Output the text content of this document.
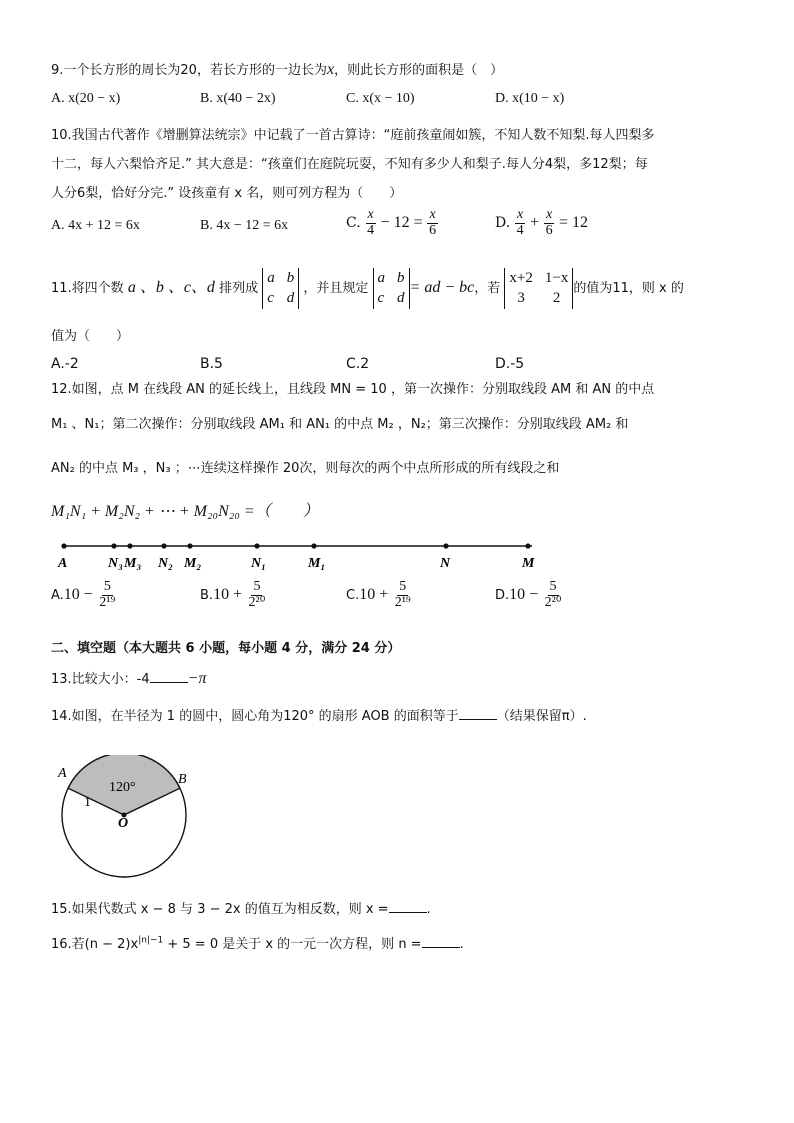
9.一个长方形的周长为20，若长方形的一边长为x，则此长方形的面积是（　）
A. x(20 − x)	B. x(40 − 2x)	C. x(x − 10)	D. x(10 − x)
10.我国古代著作《增删算法统宗》中记载了一首古算诗：“庭前孩童闹如簇，不知人数不知梨.每人四梨多
十二，每人六梨恰齐足.” 其大意是：“孩童们在庭院玩耍，不知有多少人和梨子.每人分4梨，多12梨；每
人分6梨，恰好分完.” 设孩童有 x 名，则可列方程为（　　）
A. 4x + 12 = 6x	B. 4x − 12 = 6x	C. $\frac{x}{4} - 12 = \frac{x}{6}$	D. $\frac{x}{4} + \frac{x}{6} = 12$
11.将四个数 a 、b 、c、d 排列成
a b
c d
，并且规定
a b
c d
= ad − bc，若
x+2 1−x
3 2
的值为11，则 x 的
值为（　　）
A.-2	B.5	C.2	D.-5
12.如图，点 M 在线段 AN 的延长线上，且线段 MN = 10 ，第一次操作：分别取线段 AM 和 AN 的中点
M₁ 、N₁；第二次操作：分别取线段 AM₁ 和 AN₁ 的中点 M₂ ，N₂；第三次操作：分别取线段 AM₂ 和
AN₂ 的中点 M₃ ，N₃ ；⋯连续这样操作 20次，则每次的两个中点所形成的所有线段之和
M₁N₁ + M₂N₂ + ⋯ + M₂₀N₂₀ =（　　）
A	N₃ M₃ N₂ M₂	N₁	M₁	N	M
$A.10 - \frac{5}{\text{2¹⁹}}$	$B.10 + \frac{5}{\text{2²⁰}}$	$C.10 + \frac{5}{\text{2¹⁹}}$	$D.10 - \frac{5}{\text{2²⁰}}$
二、填空题（本大题共 6 小题，每小题 4 分，满分 24 分）
13.比较大小：-4 −π
14.如图，在半径为 1 的圆中，圆心角为120° 的扇形 AOB 的面积等于	（结果保留π）.
A	B
O
120°
1
15.如果代数式 x − 8 与 3 − 2x 的值互为相反数，则 x =	.
16.若$(n - 2)x^{|n|-1} + 5 = 0$ 是关于 x 的一元一次方程，则 n =	.
